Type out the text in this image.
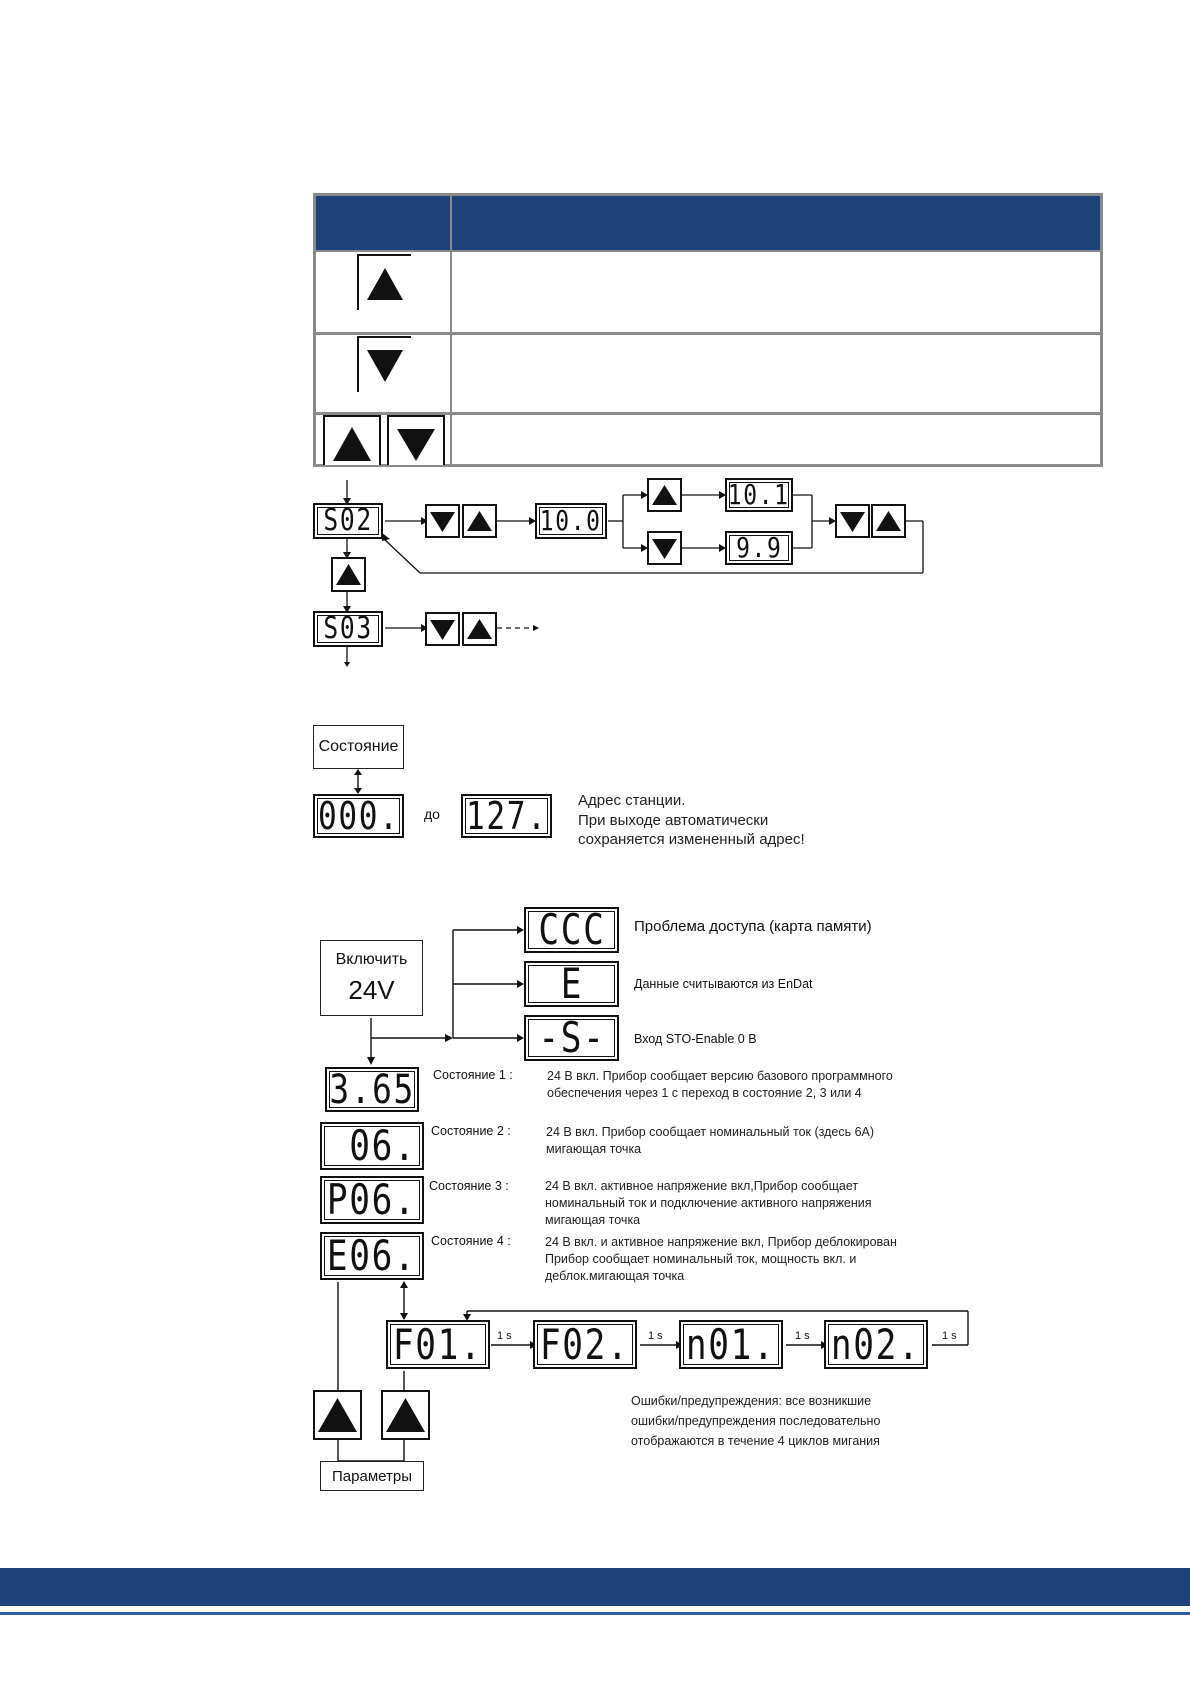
S02	10.0
10.1
9.9
S03
Состояние
000. до 127. Адрес станции.
При выходе автоматически
сохраняется измененный адрес!
Включить
24V
CCC Проблема доступа (карта памяти)
E Данные считываются из EnDat
-S- Вход STO-Enable 0 В
3.65 Состояние 1 :	24 В вкл. Прибор сообщает версию базового программного
обеспечения через 1 с переход в состояние 2, 3 или 4
06. Состояние 2 :	24 В вкл. Прибор сообщает номинальный ток (здесь 6А)
мигающая точка
P06. Состояние 3 :	24 В вкл. активное напряжение вкл,Прибор сообщает
номинальный ток и подключение активного напряжения
мигающая точка
E06. Состояние 4 :	24 В вкл. и активное напряжение вкл, Прибор деблокирован
Прибор сообщает номинальный ток, мощность вкл. и
деблок.мигающая точка
F01. 1 s F02. 1 s n01. 1 s n02. 1 s
Ошибки/предупреждения: все возникшие
ошибки/предупреждения последовательно
отображаются в течение 4 циклов мигания
Параметры
